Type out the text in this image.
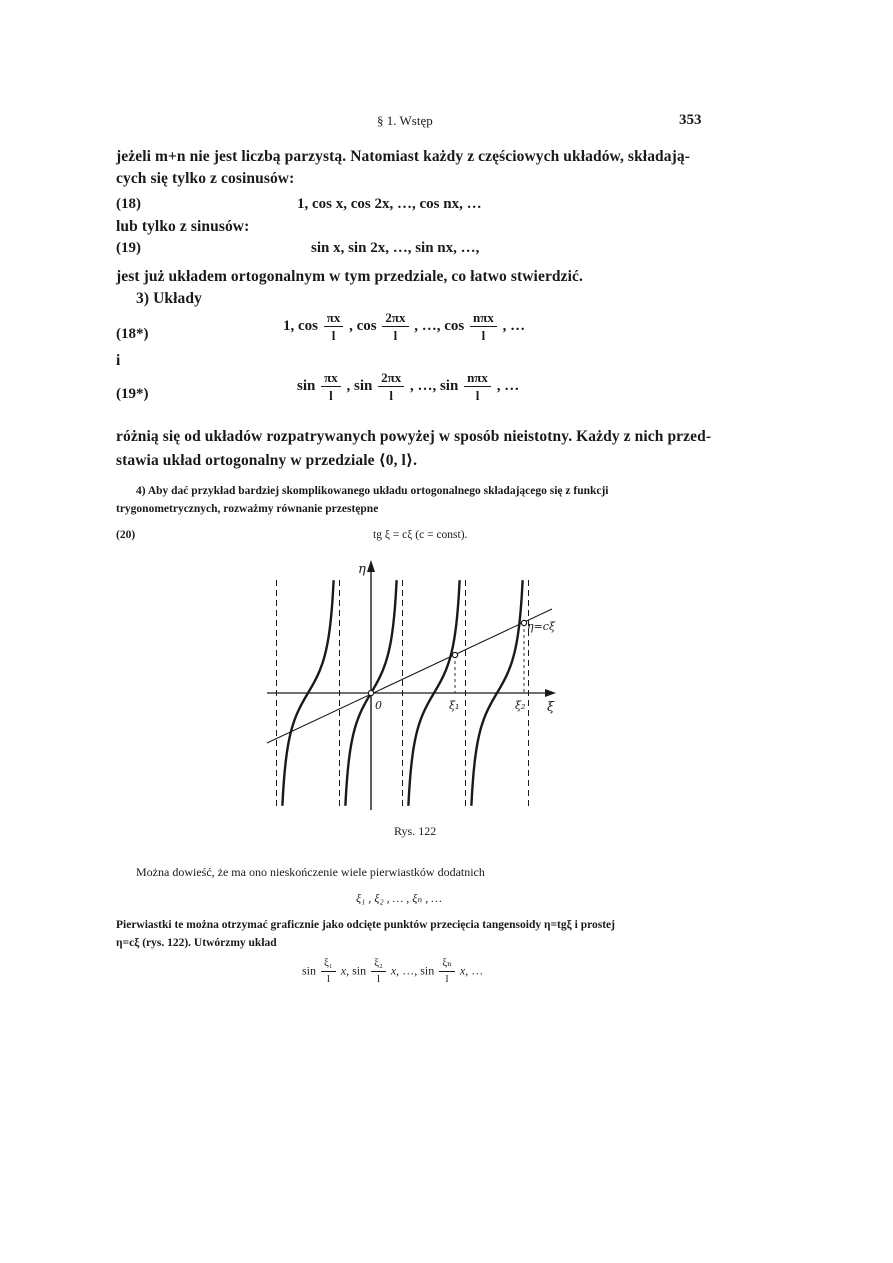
§ 1. Wstęp	353
jeżeli m+n nie jest liczbą parzystą. Natomiast każdy z częściowych układów, składają-
cych się tylko z cosinusów:
(18)	1, cos x, cos 2x, …, cos nx, …
lub tylko z sinusów:
(19)	sin x, sin 2x, …, sin nx, …,
jest już układem ortogonalnym w tym przedziale, co łatwo stwierdzić.
3) Układy
(18*)
1, $\cos \frac{\pi x}{l}$ , $\cos \frac{2\pi x}{l}$ , …, $\cos \frac{\text{nπx}}{l}$ , …
i
(19*)
$\sin \frac{\pi x}{l}$ , $\sin \frac{2\pi x}{l}$ , …, $\sin \frac{\text{nπx}}{l}$ , …
różnią się od układów rozpatrywanych powyżej w sposób nieistotny. Każdy z nich przed-
stawia układ ortogonalny w przedziale ⟨0, l⟩.
4) Aby dać przykład bardziej skomplikowanego układu ortogonalnego składającego się z funkcji
trygonometrycznych, rozważmy równanie przestępne
(20)	tg ξ = cξ (c = const).
η
ξ
0	ξ₁	ξ₂
η=cξ
Rys. 122
Można dowieść, że ma ono nieskończenie wiele pierwiastków dodatnich
ξ₁ , ξ₂ , … , ξₙ , …
Pierwiastki te można otrzymać graficznie jako odcięte punktów przecięcia tangensoidy η=tgξ i prostej
η=cξ (rys. 122). Utwórzmy układ
$\sin \frac{\text{ξ₁}}{l} x$, $\sin \frac{\text{ξ₂}}{l} x$, …, $\sin \frac{\text{ξₙ}}{l} x$, …
